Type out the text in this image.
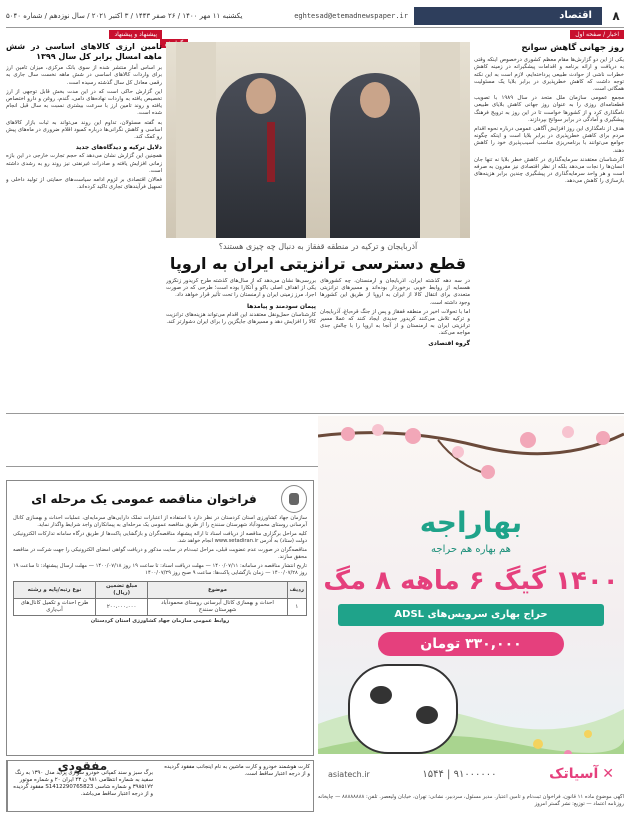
۸
اقتصاد
eghtesad@etemadnewspaper.ir
یکشنبه ۱۱ مهر ۱۴۰۰ / ۲۶ صفر ۱۴۴۳ / ۳ اکتبر ۲۰۲۱ / سال نوزدهم / شماره ۵۰۴۰
اخبار / صفحه اول
روز جهانی گاهش سوانح

یکی از این دو گزارش‌ها مقام معظم کشوری درخصوص اینکه وقتی به دریافت و ارائه برنامه و اقدامات پیشگیرانه در زمینه کاهش خطرات ناشی از حوادث طبیعی پرداخته‌ایم، لازم است به این نکته توجه داشت که کاهش خطرپذیری در برابر بلایا یک مسئولیت همگانی است.

مجمع عمومی سازمان ملل متحد در سال ۱۹۸۹ با تصویب قطعنامه‌ای روزی را به عنوان روز جهانی کاهش بلایای طبیعی نامگذاری کرد و از کشورها خواست تا در این روز به ترویج فرهنگ پیشگیری و آمادگی در برابر سوانح بپردازند.

هدف از نامگذاری این روز افزایش آگاهی عمومی درباره نحوه اقدام مردم برای کاهش خطرپذیری در برابر بلایا است و اینکه چگونه جوامع می‌توانند با برنامه‌ریزی مناسب آسیب‌پذیری خود را کاهش دهند.

کارشناسان معتقدند سرمایه‌گذاری در کاهش خطر بلایا نه تنها جان انسان‌ها را نجات می‌دهد بلکه از نظر اقتصادی نیز مقرون به صرفه است و هر واحد سرمایه‌گذاری در پیشگیری چندین برابر هزینه‌های بازسازی را کاهش می‌دهد.

آذربایجان و ترکیه در منطقه قفقاز به دنبال چه چیزی هستند؟
قطع دسترسی ترانزیتی ایران به اروپا

در سه دهه گذشته ایران، آذربایجان و ارمنستان، چه کشورهای همسایه از روابط خوبی برخوردار بوده‌اند و مسیرهای ترانزیتی متعددی برای انتقال کالا از ایران به اروپا از طریق این کشورها وجود داشته است.

اما با تحولات اخیر در منطقه قفقاز و پس از جنگ قره‌باغ، آذربایجان و ترکیه تلاش می‌کنند کریدور جدیدی ایجاد کنند که عملا مسیر ترانزیتی ایران به ارمنستان و از آنجا به اروپا را با چالش جدی مواجه می‌کند.

گروه اقتصادی

بررسی‌ها نشان می‌دهد که از سال‌های گذشته طرح کریدور زنگزور یکی از اهداف اصلی باکو و آنکارا بوده است؛ طرحی که در صورت اجرا، مرز زمینی ایران و ارمنستان را تحت تأثیر قرار خواهد داد.

پیمان سودمند و پیامدها

کارشناسان حمل‌ونقل معتقدند این اقدام می‌تواند هزینه‌های ترانزیت کالا را افزایش دهد و مسیرهای جایگزین را برای ایران دشوارتر کند.

پیشنهاد و پیشنهاد
تامین ارزی کالاهای اساسی در شش ماهه امسال برابر کل سال ۱۳۹۹

بر اساس آمار منتشر شده از سوی بانک مرکزی، میزان تامین ارز برای واردات کالاهای اساسی در شش ماهه نخست سال جاری به رقمی معادل کل سال گذشته رسیده است.

این گزارش حاکی است که در این مدت بخش قابل توجهی از ارز تخصیص یافته به واردات نهاده‌های دامی، گندم، روغن و دارو اختصاص یافته و روند تامین ارز با سرعت بیشتری نسبت به سال قبل انجام شده است.

به گفته مسئولان، تداوم این روند می‌تواند به ثبات بازار کالاهای اساسی و کاهش نگرانی‌ها درباره کمبود اقلام ضروری در ماه‌های پیش رو کمک کند.

دلایل ترکیه و دیدگاه‌های جدید

همچنین این گزارش نشان می‌دهد که حجم تجارت خارجی در این بازه زمانی افزایش یافته و صادرات غیرنفتی نیز روند رو به رشدی داشته است.

فعالان اقتصادی بر لزوم ادامه سیاست‌های حمایتی از تولید داخلی و تسهیل فرآیندهای تجاری تاکید کرده‌اند.

بهاراجه
هم بهاره هم حراجه
۱۴۰۰ گیگ ۶ ماهه ۸ مگ
حراج بهاری سرویس‌های ADSL
۳۳۰,۰۰۰ تومان
✕
آسیاتک
۱۵۴۴ | ۹۱۰۰۰۰۰۰
asiatech.ir
فراخوان مناقصه عمومی یک مرحله ای

سازمان جهاد کشاورزی استان کردستان در نظر دارد با استفاده از اعتبارات تملک دارایی‌های سرمایه‌ای، عملیات احداث و بهسازی کانال آبرسانی روستای محمودآباد شهرستان سنندج را از طریق مناقصه عمومی یک مرحله‌ای به پیمانکاران واجد شرایط واگذار نماید.

کلیه مراحل برگزاری مناقصه از دریافت اسناد تا ارائه پیشنهاد مناقصه‌گران و بازگشایی پاکت‌ها از طریق درگاه سامانه تدارکات الکترونیکی دولت (ستاد) به آدرس www.setadiran.ir انجام خواهد شد.

مناقصه‌گران در صورت عدم عضویت قبلی، مراحل ثبت‌نام در سایت مذکور و دریافت گواهی امضای الکترونیکی را جهت شرکت در مناقصه محقق سازند.

تاریخ انتشار مناقصه در سامانه: ۱۴۰۰/۰۷/۱۱ — مهلت دریافت اسناد: تا ساعت ۱۹ روز ۱۴۰۰/۰۷/۱۸ — مهلت ارسال پیشنهاد: تا ساعت ۱۹ روز ۱۴۰۰/۰۷/۲۸ — زمان بازگشایی پاکت‌ها: ساعت ۹ صبح روز ۱۴۰۰/۰۷/۲۹

ردیف	موضوع	مبلغ تضمین (ریال)	نوع رتبه/پایه و رشته
۱	احداث و بهسازی کانال آبرسانی روستای محمودآباد شهرستان سنندج	۲۰۰،۰۰۰،۰۰۰	طرح احداث و تکمیل کانال‌های آب‌یاری

روابط عمومی سازمان جهاد کشاورزی استان کردستان

کارت هوشمند خودرو و کارت ماشین به نام اینجانب مفقود گردیده و از درجه اعتبار ساقط است.
مفقودی
برگ سبز و سند کمپانی خودرو سواری پراید مدل ۱۳۹۰ به رنگ سفید به شماره انتظامی ۹۸۱ ن ۴۳ ایران ۲۰ و شماره موتور ۳۹۸۵۱۷۲ و شماره شاسی S1412290765823 مفقود گردیده و از درجه اعتبار ساقط می‌باشد.	آگهی موضوع ماده ۱۱ قانون، فراخوان ثبت‌نام و تامین اعتبار. مدیر مسئول، سردبیر، نشانی: تهران، خیابان ولیعصر. تلفن: ۸۸۸۸۸۸۸۸ — چاپخانه روزنامه اعتماد — توزیع: نشر گستر امروز
